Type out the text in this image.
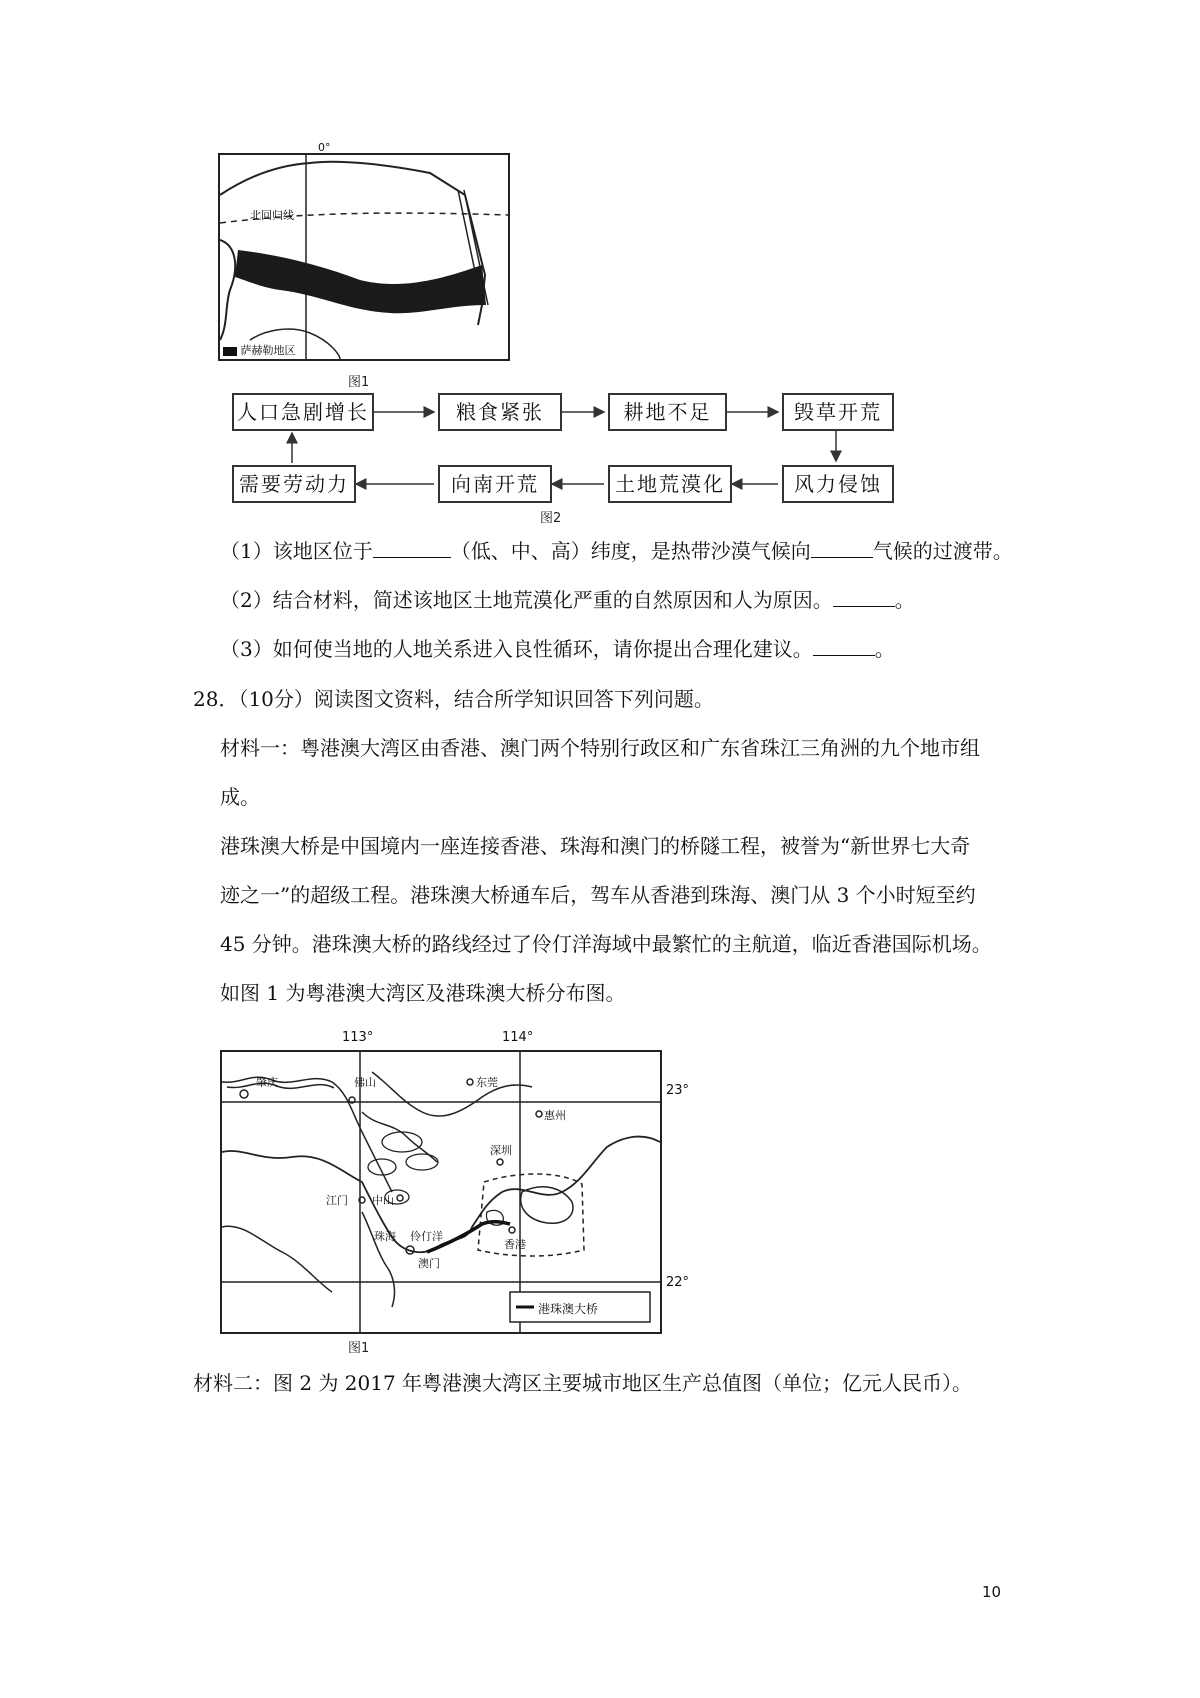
北回归线
萨赫勒地区
0°
图1
人口急剧增长	粮食紧张	耕地不足	毁草开荒
风力侵蚀
土地荒漠化
向南开荒
需要劳动力
图2
（1）该地区位于	（低、中、高）纬度，是热带沙漠气候向	气候的过渡带。
（2）结合材料，简述该地区土地荒漠化严重的自然原因和人为原因。	。
（3）如何使当地的人地关系进入良性循环，请你提出合理化建议。	。
28．（10分）阅读图文资料，结合所学知识回答下列问题。
材料一：粤港澳大湾区由香港、澳门两个特别行政区和广东省珠江三角洲的九个地市组
成。
港珠澳大桥是中国境内一座连接香港、珠海和澳门的桥隧工程，被誉为“新世界七大奇
迹之一”的超级工程。港珠澳大桥通车后，驾车从香港到珠海、澳门从 3 个小时短至约
45 分钟。港珠澳大桥的路线经过了伶仃洋海域中最繁忙的主航道，临近香港国际机场。
如图 1 为粤港澳大湾区及港珠澳大桥分布图。
113°	114°
23°
22°
肇庆	佛山	东莞
惠州
深圳
江门 中山
珠海 伶仃洋
澳门
香港
港珠澳大桥
图1
材料二：图 2 为 2017 年粤港澳大湾区主要城市地区生产总值图（单位；亿元人民币）。
10
